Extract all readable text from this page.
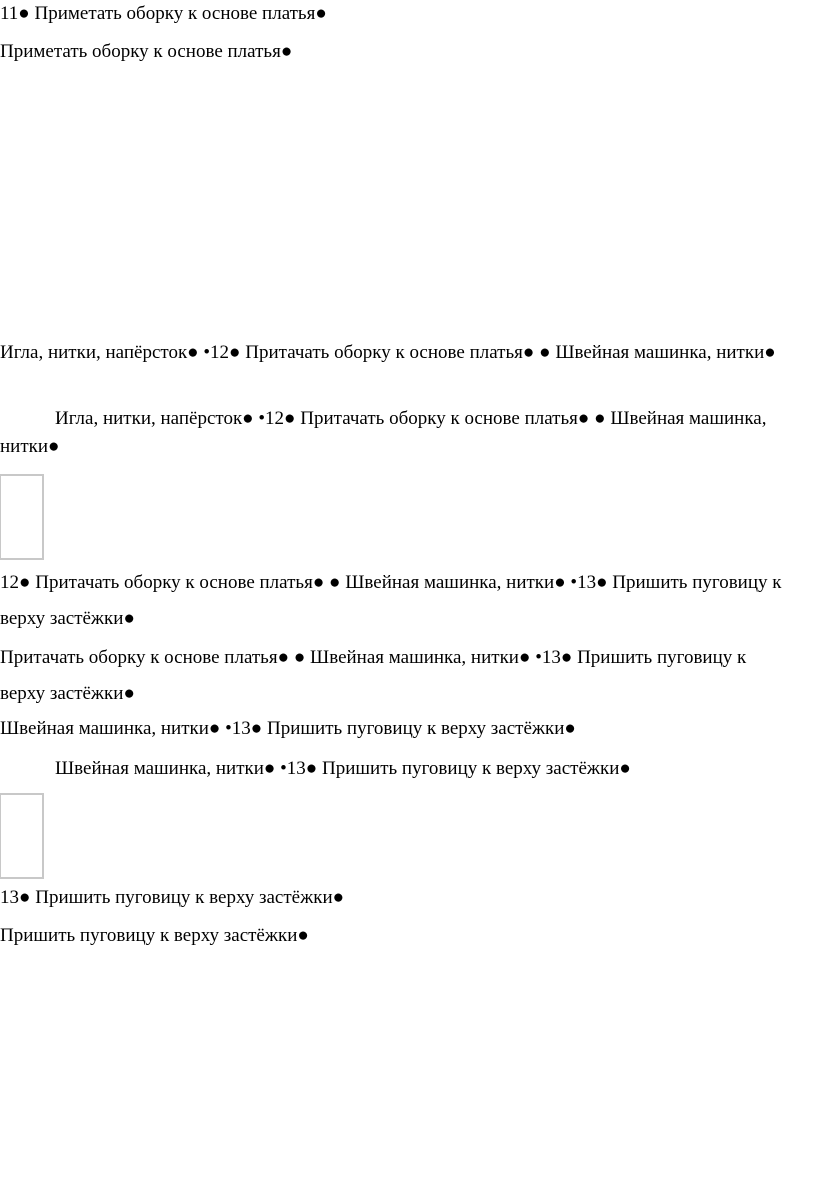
11● Приметать оборку к основе платья●
Приметать оборку к основе платья●
Игла, нитки, напёрсток● •12● Притачать оборку к основе платья● ● Швейная машинка, нитки●
Игла, нитки, напёрсток● •12● Притачать оборку к основе платья● ● Швейная машинка, нитки●
12● Притачать оборку к основе платья● ● Швейная машинка, нитки● •13● Пришить пуговицу к верху застёжки●
Притачать оборку к основе платья● ● Швейная машинка, нитки● •13● Пришить пуговицу к верху застёжки●
Швейная машинка, нитки● •13● Пришить пуговицу к верху застёжки●
Швейная машинка, нитки● •13● Пришить пуговицу к верху застёжки●
13● Пришить пуговицу к верху застёжки●
Пришить пуговицу к верху застёжки●
